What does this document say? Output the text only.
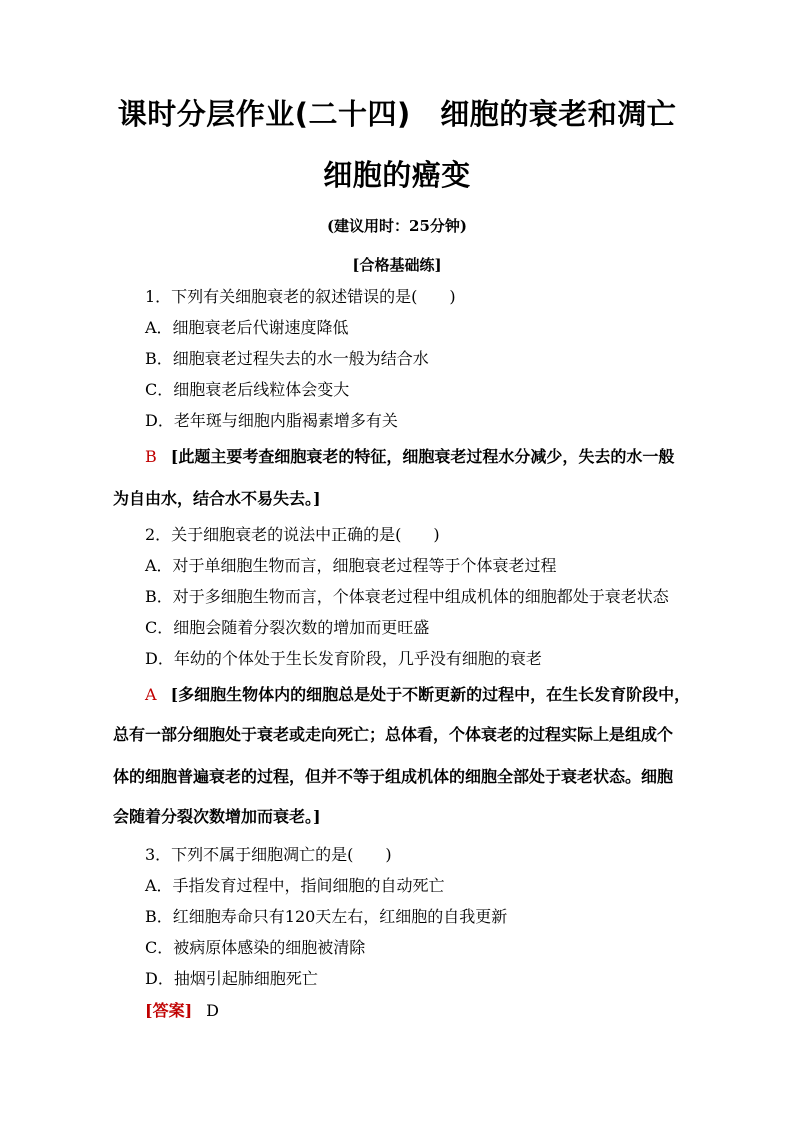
课时分层作业(二十四)　细胞的衰老和凋亡
细胞的癌变
(建议用时：25分钟)
[合格基础练]
1．下列有关细胞衰老的叙述错误的是(　　)
A．细胞衰老后代谢速度降低
B．细胞衰老过程失去的水一般为结合水
C．细胞衰老后线粒体会变大
D．老年斑与细胞内脂褐素增多有关
B [此题主要考查细胞衰老的特征，细胞衰老过程水分减少，失去的水一般
为自由水，结合水不易失去。]
2．关于细胞衰老的说法中正确的是(　　)
A．对于单细胞生物而言，细胞衰老过程等于个体衰老过程
B．对于多细胞生物而言，个体衰老过程中组成机体的细胞都处于衰老状态
C．细胞会随着分裂次数的增加而更旺盛
D．年幼的个体处于生长发育阶段，几乎没有细胞的衰老
A [多细胞生物体内的细胞总是处于不断更新的过程中，在生长发育阶段中，
总有一部分细胞处于衰老或走向死亡；总体看，个体衰老的过程实际上是组成个
体的细胞普遍衰老的过程，但并不等于组成机体的细胞全部处于衰老状态。细胞
会随着分裂次数增加而衰老。]
3．下列不属于细胞凋亡的是(　　)
A．手指发育过程中，指间细胞的自动死亡
B．红细胞寿命只有120天左右，红细胞的自我更新
C．被病原体感染的细胞被清除
D．抽烟引起肺细胞死亡
[答案] D
